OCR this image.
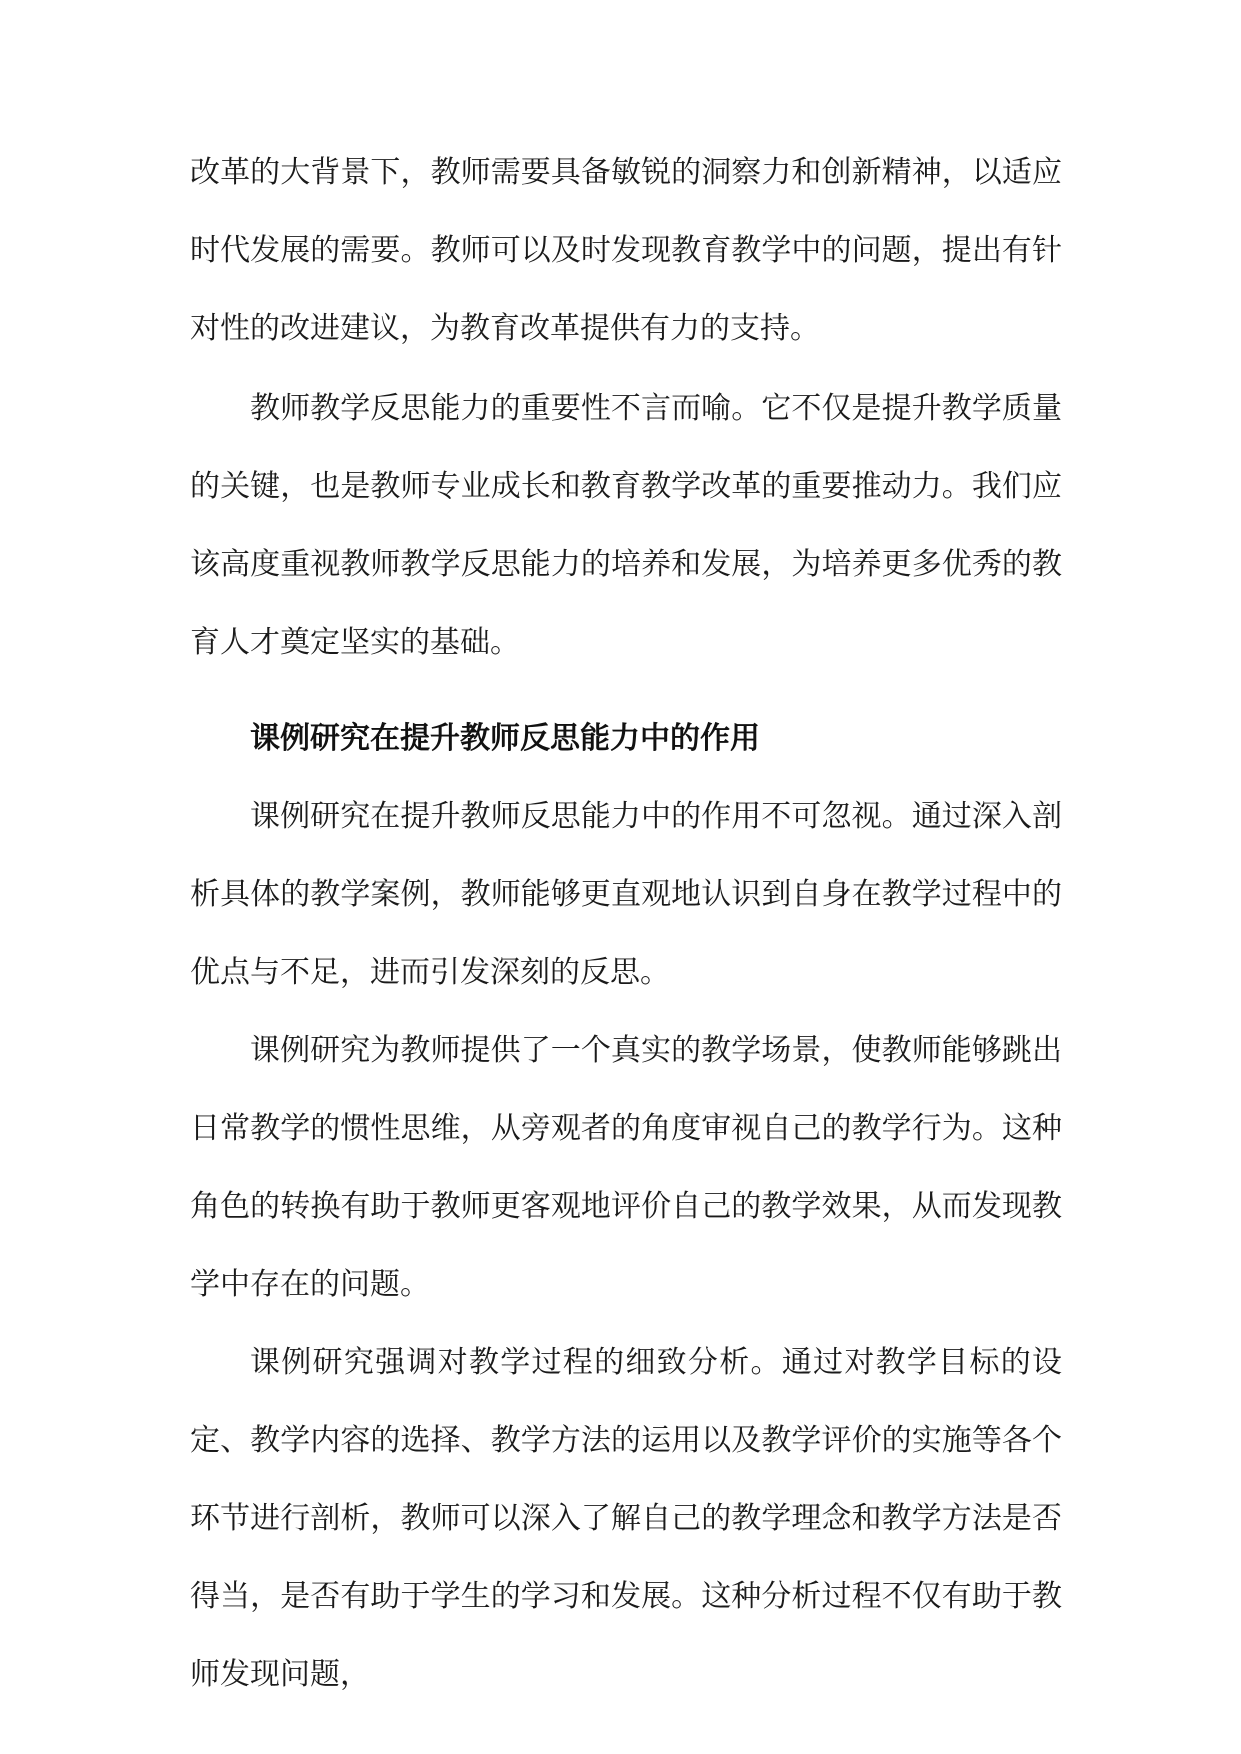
改革的大背景下，教师需要具备敏锐的洞察力和创新精神，以适应时代发展的需要。教师可以及时发现教育教学中的问题，提出有针对性的改进建议，为教育改革提供有力的支持。

教师教学反思能力的重要性不言而喻。它不仅是提升教学质量的关键，也是教师专业成长和教育教学改革的重要推动力。我们应该高度重视教师教学反思能力的培养和发展，为培养更多优秀的教育人才奠定坚实的基础。

课例研究在提升教师反思能力中的作用

课例研究在提升教师反思能力中的作用不可忽视。通过深入剖析具体的教学案例，教师能够更直观地认识到自身在教学过程中的优点与不足，进而引发深刻的反思。

课例研究为教师提供了一个真实的教学场景，使教师能够跳出日常教学的惯性思维，从旁观者的角度审视自己的教学行为。这种角色的转换有助于教师更客观地评价自己的教学效果，从而发现教学中存在的问题。

课例研究强调对教学过程的细致分析。通过对教学目标的设定、教学内容的选择、教学方法的运用以及教学评价的实施等各个环节进行剖析，教师可以深入了解自己的教学理念和教学方法是否得当，是否有助于学生的学习和发展。这种分析过程不仅有助于教师发现问题，
